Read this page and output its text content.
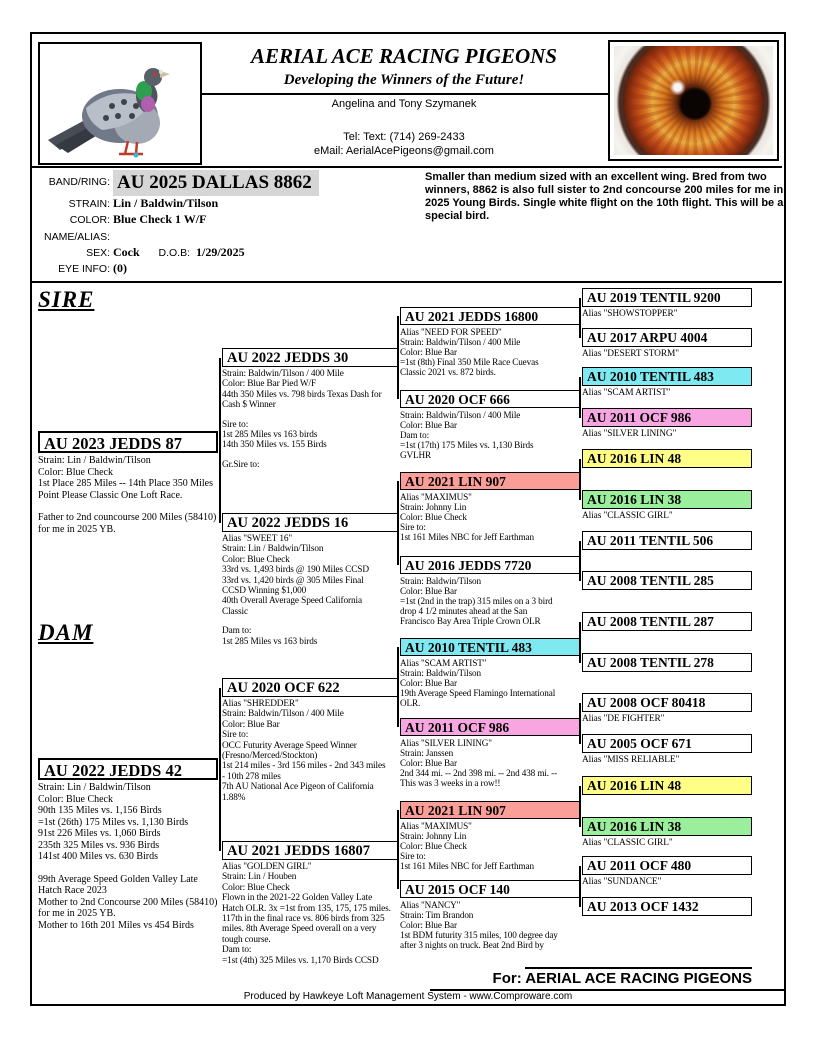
AERIAL ACE RACING PIGEONS
Developing the Winners of the Future!
Angelina and Tony Szymanek
Tel: Text: (714) 269-2433
eMail: AerialAcePigeons@gmail.com
BAND/RING: AU 2025 DALLAS 8862
STRAIN: Lin / Baldwin/Tilson
COLOR: Blue Check 1 W/F
NAME/ALIAS:
SEX: Cock	D.O.B: 1/29/2025
EYE INFO: (0)
Smaller than medium sized with an excellent wing. Bred from two winners, 8862 is also full sister to 2nd concourse 200 miles for me in 2025 Young Birds. Single white flight on the 10th flight. This will be a special bird.
SIRE
DAM
AU 2023 JEDDS 87
Strain: Lin / Baldwin/Tilson
Color: Blue Check
1st Place 285 Miles -- 14th Place 350 Miles
Point Please Classic One Loft Race.
Father to 2nd councourse 200 Miles (58410)
for me in 2025 YB.
AU 2022 JEDDS 42
Strain: Lin / Baldwin/Tilson
Color: Blue Check
90th 135 Miles vs. 1,156 Birds
=1st (26th) 175 Miles vs. 1,130 Birds
91st 226 Miles vs. 1,060 Birds
235th 325 Miles vs. 936 Birds
141st 400 Miles vs. 630 Birds
99th Average Speed Golden Valley Late
Hatch Race 2023
Mother to 2nd Concourse 200 Miles (58410)
for me in 2025 YB.
Mother to 16th 201 Miles vs 454 Birds
AU 2022 JEDDS 30
Strain: Baldwin/Tilson / 400 Mile
Color: Blue Bar Pied W/F
44th 350 Miles vs. 798 birds Texas Dash for
Cash $ Winner
Sire to:
1st 285 Miles vs 163 birds
14th 350 Miles vs. 155 Birds
Gr.Sire to:
AU 2022 JEDDS 16
Alias "SWEET 16"
Strain: Lin / Baldwin/Tilson
Color: Blue Check
33rd vs. 1,493 birds @ 190 Miles CCSD
33rd vs. 1,420 birds @ 305 Miles Final
CCSD Winning $1,000
40th Overall Average Speed California
Classic
Dam to:
1st 285 Miles vs 163 birds
AU 2020 OCF 622
Alias "SHREDDER"
Strain: Baldwin/Tilson / 400 Mile
Color: Blue Bar
Sire to:
OCC Futurity Average Speed Winner
(Fresno/Merced/Stockton)
1st 214 miles - 3rd 156 miles - 2nd 343 miles
- 10th 278 miles
7th AU National Ace Pigeon of California
1.88%
AU 2021 JEDDS 16807
Alias "GOLDEN GIRL"
Strain: Lin / Houben
Color: Blue Check
Flown in the 2021-22 Golden Valley Late
Hatch OLR. 3x =1st from 135, 175, 175 miles.
117th in the final race vs. 806 birds from 325
miles. 8th Average Speed overall on a very
tough course.
Dam to:
=1st (4th) 325 Miles vs. 1,170 Birds CCSD
AU 2021 JEDDS 16800
Alias "NEED FOR SPEED"
Strain: Baldwin/Tilson / 400 Mile
Color: Blue Bar
=1st (8th) Final 350 Mile Race Cuevas
Classic 2021 vs. 872 birds.
AU 2020 OCF 666
Strain: Baldwin/Tilson / 400 Mile
Color: Blue Bar
Dam to:
=1st (17th) 175 Miles vs. 1,130 Birds
GVLHR
AU 2021 LIN 907
Alias "MAXIMUS"
Strain: Johnny Lin
Color: Blue Check
Sire to:
1st 161 Miles NBC for Jeff Earthman
AU 2016 JEDDS 7720
Strain: Baldwin/Tilson
Color: Blue Bar
=1st (2nd in the trap) 315 miles on a 3 bird
drop 4 1/2 minutes ahead at the San
Francisco Bay Area Triple Crown OLR
AU 2010 TENTIL 483
Alias "SCAM ARTIST"
Strain: Baldwin/Tilson
Color: Blue Bar
19th Average Speed Flamingo International
OLR.
AU 2011 OCF 986
Alias "SILVER LINING"
Strain: Janssen
Color: Blue Bar
2nd 344 mi. -- 2nd 398 mi. -- 2nd 438 mi. --
This was 3 weeks in a row!!
AU 2021 LIN 907
Alias "MAXIMUS"
Strain: Johnny Lin
Color: Blue Check
Sire to:
1st 161 Miles NBC for Jeff Earthman
AU 2015 OCF 140
Alias "NANCY"
Strain: Tim Brandon
Color: Blue Bar
1st BDM futurity 315 miles, 100 degree day
after 3 nights on truck. Beat 2nd Bird by
AU 2019 TENTIL 9200
Alias "SHOWSTOPPER"
AU 2017 ARPU 4004
Alias "DESERT STORM"
AU 2010 TENTIL 483
Alias "SCAM ARTIST"
AU 2011 OCF 986
Alias "SILVER LINING"
AU 2016 LIN 48
AU 2016 LIN 38
Alias "CLASSIC GIRL"
AU 2011 TENTIL 506
AU 2008 TENTIL 285
AU 2008 TENTIL 287
AU 2008 TENTIL 278
AU 2008 OCF 80418
Alias "DE FIGHTER"
AU 2005 OCF 671
Alias "MISS RELIABLE"
AU 2016 LIN 48
AU 2016 LIN 38
Alias "CLASSIC GIRL"
AU 2011 OCF 480
Alias "SUNDANCE"
AU 2013 OCF 1432
For: AERIAL ACE RACING PIGEONS
Produced by Hawkeye Loft Management System - www.Comproware.com
